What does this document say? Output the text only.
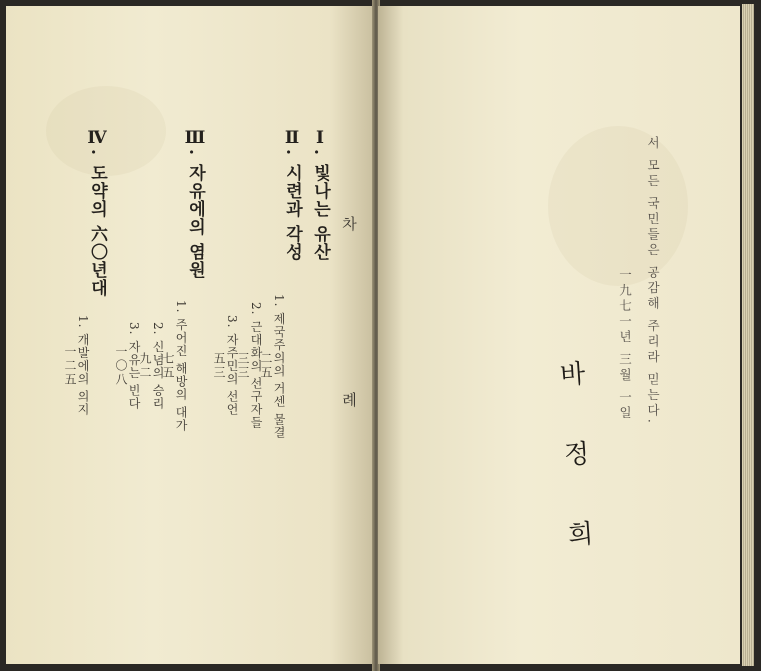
차 례
Ⅰ.빛나는 유산
Ⅱ.시련과 각성
1. 제국주의의 거센 물결
二五
2. 근대화의 선구자들
三三
3. 자주민의 선언
五三
Ⅲ.자유에의 염원
1. 주어진 해방의 대가
七五
2. 신념의 승리
九二
3. 자유는 빈다
一〇八
Ⅳ.도약의 六〇년대
1. 개발에의 의지
一二五	서 모든 국민들은 공감해 주리라 믿는다.
一九七一년 三월 一일
바
정
희
